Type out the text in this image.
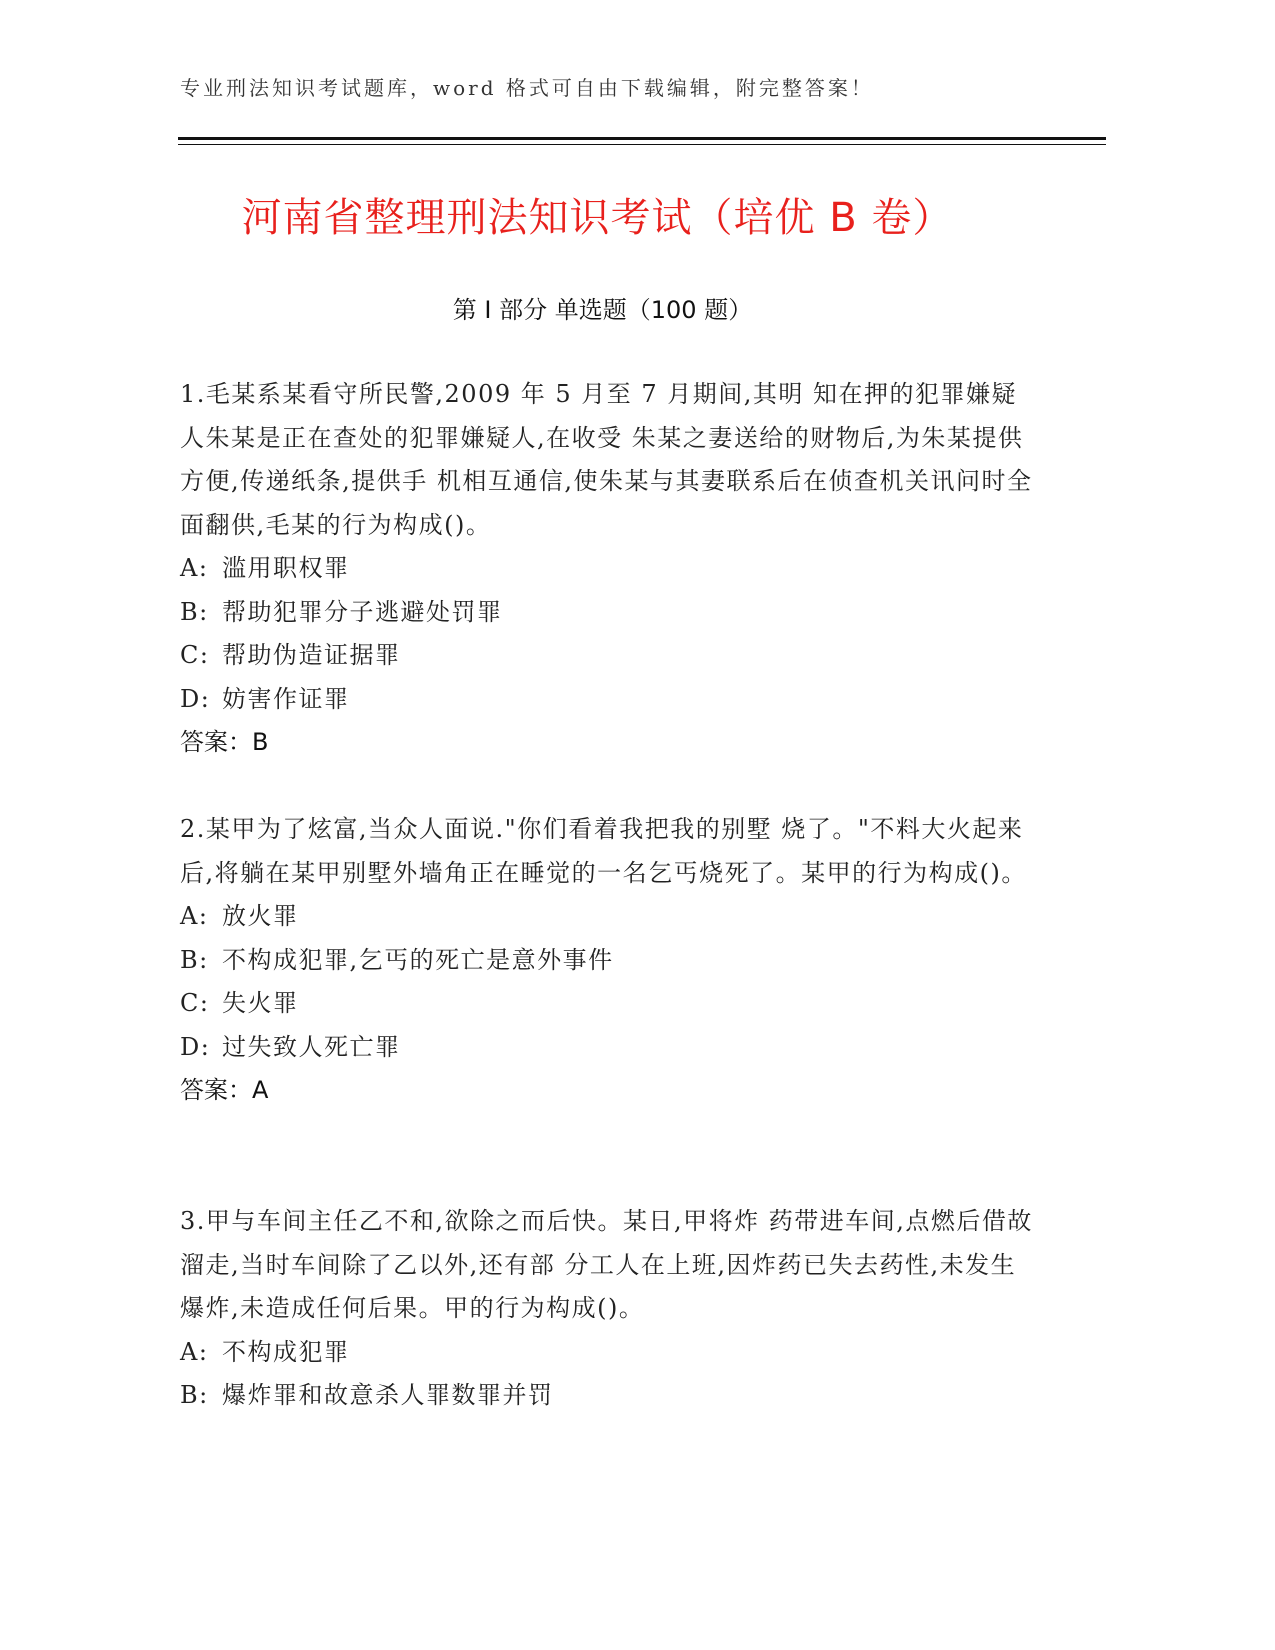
专业刑法知识考试题库，word 格式可自由下载编辑，附完整答案！
河南省整理刑法知识考试（培优 B 卷）
第 I 部分 单选题（100 题）

1.毛某系某看守所民警,2009 年 5 月至 7 月期间,其明 知在押的犯罪嫌疑人朱某是正在查处的犯罪嫌疑人,在收受 朱某之妻送给的财物后,为朱某提供方便,传递纸条,提供手 机相互通信,使朱某与其妻联系后在侦查机关讯问时全面翻供,毛某的行为构成()。

A: 滥用职权罪
B: 帮助犯罪分子逃避处罚罪
C: 帮助伪造证据罪
D: 妨害作证罪
答案：B

2.某甲为了炫富,当众人面说."你们看着我把我的别墅 烧了。"不料大火起来后,将躺在某甲别墅外墙角正在睡觉的一名乞丐烧死了。某甲的行为构成()。

A: 放火罪
B: 不构成犯罪,乞丐的死亡是意外事件
C: 失火罪
D: 过失致人死亡罪
答案：A

3.甲与车间主任乙不和,欲除之而后快。某日,甲将炸 药带进车间,点燃后借故溜走,当时车间除了乙以外,还有部 分工人在上班,因炸药已失去药性,未发生爆炸,未造成任何后果。甲的行为构成()。

A: 不构成犯罪
B: 爆炸罪和故意杀人罪数罪并罚
